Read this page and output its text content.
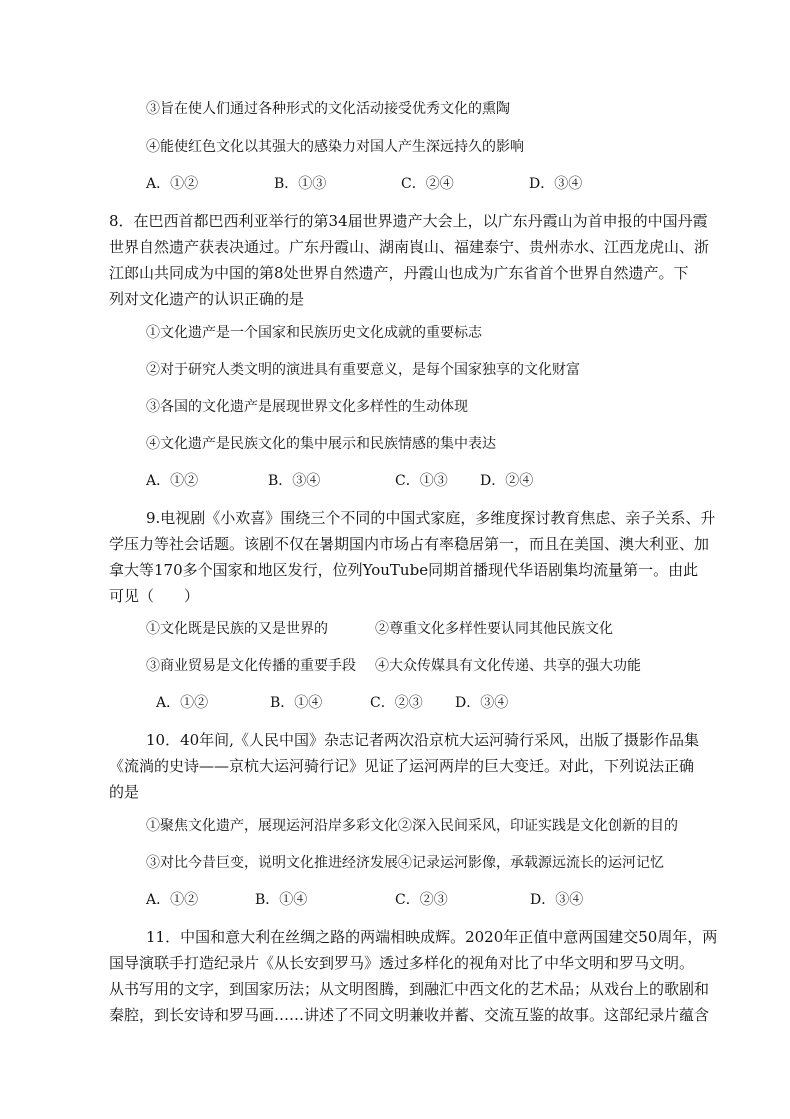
③旨在使人们通过各种形式的文化活动接受优秀文化的熏陶
④能使红色文化以其强大的感染力对国人产生深远持久的影响
A．①②	B．①③	C．②④	D．③④
8．在巴西首都巴西利亚举行的第34届世界遗产大会上，以广东丹霞山为首申报的中国丹霞
世界自然遗产获表决通过。广东丹霞山、湖南崀山、福建泰宁、贵州赤水、江西龙虎山、浙
江郎山共同成为中国的第8处世界自然遗产，丹霞山也成为广东省首个世界自然遗产。下
列对文化遗产的认识正确的是
①文化遗产是一个国家和民族历史文化成就的重要标志
②对于研究人类文明的演进具有重要意义，是每个国家独享的文化财富
③各国的文化遗产是展现世界文化多样性的生动体现
④文化遗产是民族文化的集中展示和民族情感的集中表达
A．①②	B．③④	C．①③ D．②④
9.电视剧《小欢喜》围绕三个不同的中国式家庭，多维度探讨教育焦虑、亲子关系、升
学压力等社会话题。该剧不仅在暑期国内市场占有率稳居第一，而且在美国、澳大利亚、加
拿大等170多个国家和地区发行，位列YouTube同期首播现代华语剧集均流量第一。由此
可见（　　）
①文化既是民族的又是世界的	②尊重文化多样性要认同其他民族文化
③商业贸易是文化传播的重要手段 ④大众传媒具有文化传递、共享的强大功能
A．①②	B．①④	C．②③ D．③④
10．40年间,《人民中国》杂志记者两次沿京杭大运河骑行采风，出版了摄影作品集
《流淌的史诗——京杭大运河骑行记》见证了运河两岸的巨大变迁。对此，下列说法正确
的是
①聚焦文化遗产，展现运河沿岸多彩文化②深入民间采风，印证实践是文化创新的目的
③对比今昔巨变，说明文化推进经济发展④记录运河影像，承载源远流长的运河记忆
A．①②	B．①④	C．②③	D．③④
11．中国和意大利在丝绸之路的两端相映成辉。2020年正值中意两国建交50周年，两
国导演联手打造纪录片《从长安到罗马》透过多样化的视角对比了中华文明和罗马文明。
从书写用的文字，到国家历法；从文明图腾，到融汇中西文化的艺术品；从戏台上的歌剧和
秦腔，到长安诗和罗马画……讲述了不同文明兼收并蓄、交流互鉴的故事。这部纪录片蕴含
